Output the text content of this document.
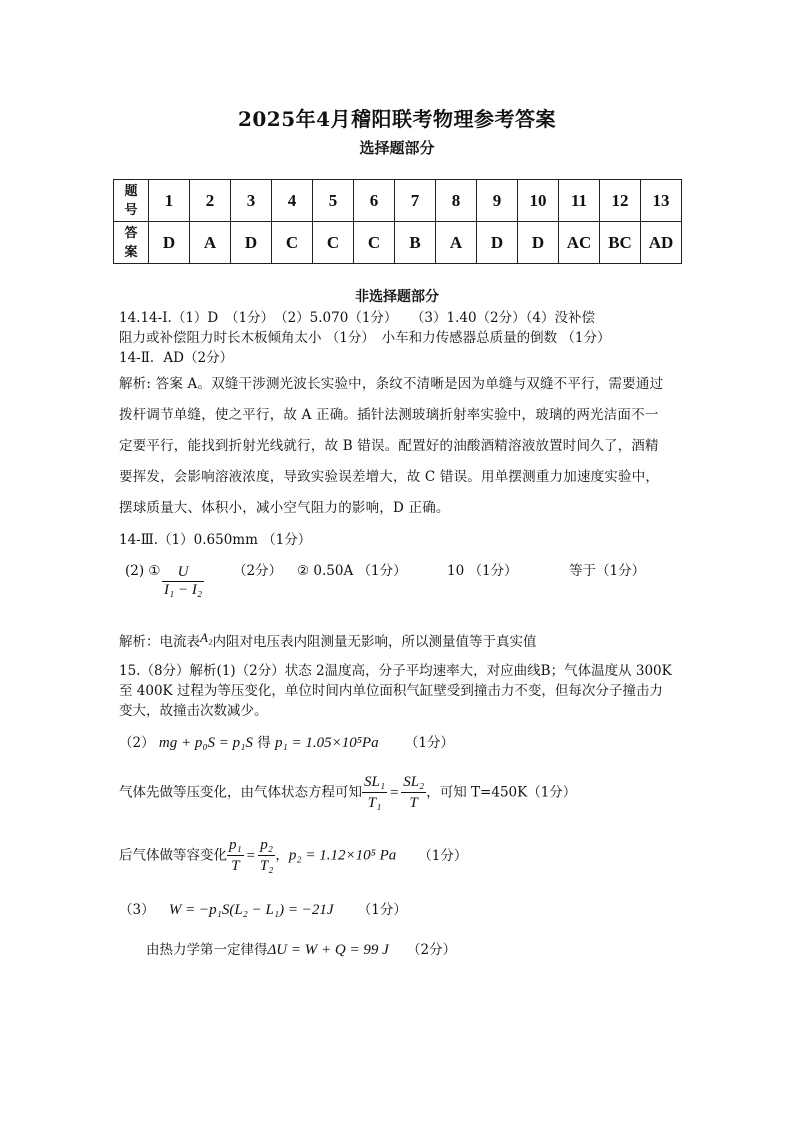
2025年4月稽阳联考物理参考答案
选择题部分
题
号	1	2	3	4	5	6	7	8	9	10	11	12	13
答
案	D	A	D	C	C	C	B	A	D	D	AC	BC	AD
非选择题部分
14.14-Ⅰ.（1）D　（1分）　（2）5.070（1分）　　（3）1.40（2分）（4）没补偿
阻力或补偿阻力时长木板倾角太小 （1分）　小车和力传感器总质量的倒数 （1分）
14-Ⅱ．AD（2分）
解析: 答案 A。双缝干涉测光波长实验中，条纹不清晰是因为单缝与双缝不平行，需要通过
拨杆调节单缝，使之平行，故 A 正确。插针法测玻璃折射率实验中，玻璃的两光洁面不一
定要平行，能找到折射光线就行，故 B 错误。配置好的油酸酒精溶液放置时间久了，酒精
要挥发，会影响溶液浓度，导致实验误差增大，故 C 错误。用单摆测重力加速度实验中，
摆球质量大、体积小，减小空气阻力的影响，D 正确。
14-Ⅲ.（1）0.650mm （1分）
(2) ① $\frac{U}{\text{I₁ − I₂}} (2$分） ② 0.50A （1分）	10 （1分）	等于（1分）
解析：电流表A₂内阻对电压表内阻测量无影响，所以测量值等于真实值
15.（8分）解析(1)（2分）状态 2温度高，分子平均速率大，对应曲线B；气体温度从 300K
至 400K 过程为等压变化，单位时间内单位面积气缸壁受到撞击力不变，但每次分子撞击力
变大，故撞击次数减少。
（2） mg + p₀S = p₁S 得 p₁ = 1.05×10⁵Pa （1分）
气体先做等压变化，由气体状态方程可知 $\frac{\text{SL₁}}{\text{T₁}} = \frac{\text{SL₂}}{T}$ ，可知 T=450K（1分）
后气体做等容变化 $\frac{\text{p₁}}{T} = \frac{\text{p₂}}{\text{T₂}}$ ，p₂ = 1.12×10⁵ Pa （1分）
（3） W = −p₁S(L₂ − L₁) = −21J （1分）
由热力学第一定律得ΔU = W + Q = 99 J （2分）
